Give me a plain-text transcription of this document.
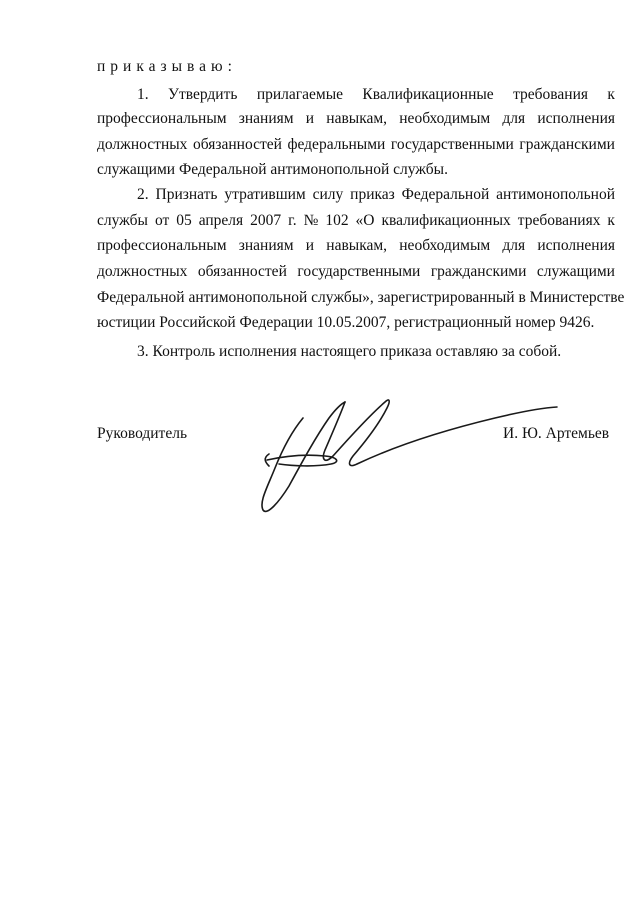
приказываю:
1. Утвердить прилагаемые Квалификационные требования к
профессиональным знаниям и навыкам, необходимым для исполнения
должностных обязанностей федеральными государственными гражданскими
служащими Федеральной антимонопольной службы.
2. Признать утратившим силу приказ Федеральной антимонопольной
службы от 05 апреля 2007 г. № 102 «О квалификационных требованиях к
профессиональным знаниям и навыкам, необходимым для исполнения
должностных обязанностей государственными гражданскими служащими
Федеральной антимонопольной службы», зарегистрированный в Министерстве
юстиции Российской Федерации 10.05.2007, регистрационный номер 9426.
3. Контроль исполнения настоящего приказа оставляю за собой.
Руководитель	И. Ю. Артемьев
